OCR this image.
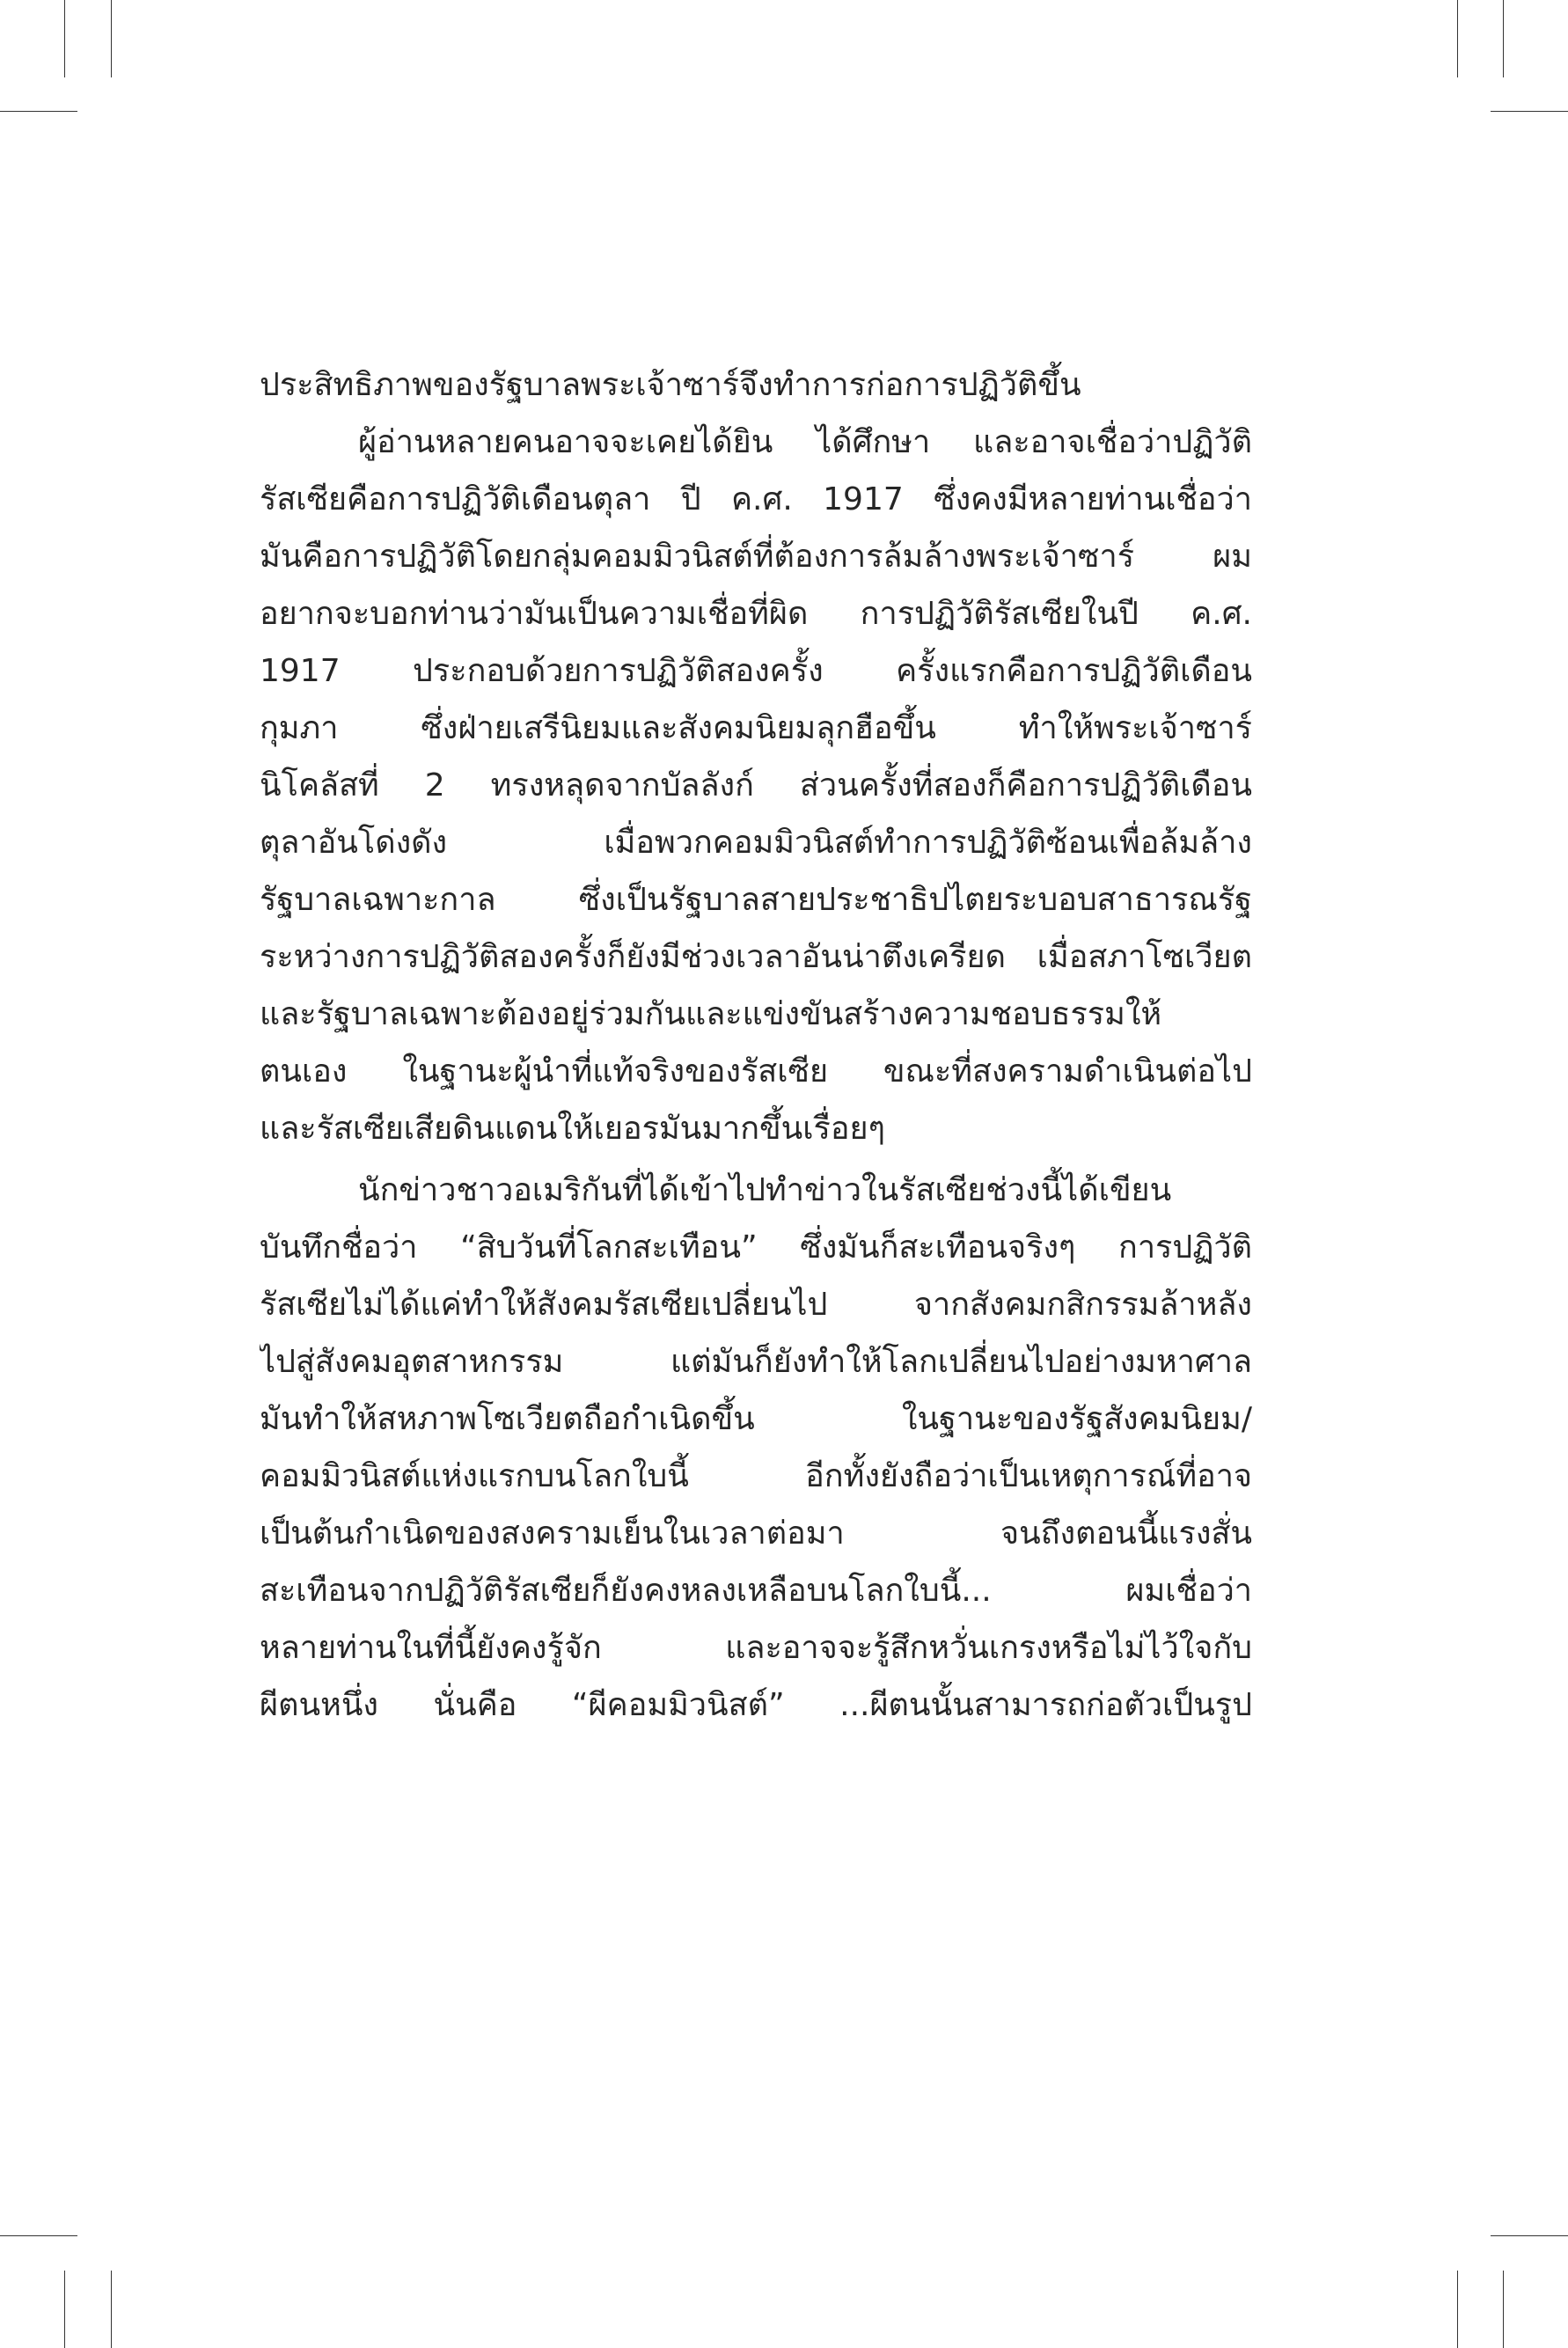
ประสิทธิภาพของรัฐบาลพระเจ้าซาร์จึงทำการก่อการปฏิวัติขึ้น
ผู้อ่านหลายคนอาจจะเคยได้ยิน ได้ศึกษา และอาจเชื่อว่าปฏิวัติ
รัสเซียคือการปฏิวัติเดือนตุลา ปี ค.ศ. 1917 ซึ่งคงมีหลายท่านเชื่อว่า
มันคือการปฏิวัติโดยกลุ่มคอมมิวนิสต์ที่ต้องการล้มล้างพระเจ้าซาร์ ผม
อยากจะบอกท่านว่ามันเป็นความเชื่อที่ผิด การปฏิวัติรัสเซียในปี ค.ศ.
1917 ประกอบด้วยการปฏิวัติสองครั้ง ครั้งแรกคือการปฏิวัติเดือน
กุมภา ซึ่งฝ่ายเสรีนิยมและสังคมนิยมลุกฮือขึ้น ทำให้พระเจ้าซาร์
นิโคลัสที่ 2 ทรงหลุดจากบัลลังก์ ส่วนครั้งที่สองก็คือการปฏิวัติเดือน
ตุลาอันโด่งดัง เมื่อพวกคอมมิวนิสต์ทำการปฏิวัติซ้อนเพื่อล้มล้าง
รัฐบาลเฉพาะกาล ซึ่งเป็นรัฐบาลสายประชาธิปไตยระบอบสาธารณรัฐ
ระหว่างการปฏิวัติสองครั้งก็ยังมีช่วงเวลาอันน่าตึงเครียด เมื่อสภาโซเวียต
และรัฐบาลเฉพาะต้องอยู่ร่วมกันและแข่งขันสร้างความชอบธรรมให้
ตนเอง ในฐานะผู้นำที่แท้จริงของรัสเซีย ขณะที่สงครามดำเนินต่อไป
และรัสเซียเสียดินแดนให้เยอรมันมากขึ้นเรื่อยๆ
นักข่าวชาวอเมริกันที่ได้เข้าไปทำข่าวในรัสเซียช่วงนี้ได้เขียน
บันทึกชื่อว่า “สิบวันที่โลกสะเทือน” ซึ่งมันก็สะเทือนจริงๆ การปฏิวัติ
รัสเซียไม่ได้แค่ทำให้สังคมรัสเซียเปลี่ยนไป จากสังคมกสิกรรมล้าหลัง
ไปสู่สังคมอุตสาหกรรม แต่มันก็ยังทำให้โลกเปลี่ยนไปอย่างมหาศาล
มันทำให้สหภาพโซเวียตถือกำเนิดขึ้น ในฐานะของรัฐสังคมนิยม/
คอมมิวนิสต์แห่งแรกบนโลกใบนี้ อีกทั้งยังถือว่าเป็นเหตุการณ์ที่อาจ
เป็นต้นกำเนิดของสงครามเย็นในเวลาต่อมา จนถึงตอนนี้แรงสั่น
สะเทือนจากปฏิวัติรัสเซียก็ยังคงหลงเหลือบนโลกใบนี้... ผมเชื่อว่า
หลายท่านในที่นี้ยังคงรู้จัก และอาจจะรู้สึกหวั่นเกรงหรือไม่ไว้ใจกับ
ผีตนหนึ่ง นั่นคือ “ผีคอมมิวนิสต์” ...ผีตนนั้นสามารถก่อตัวเป็นรูป
